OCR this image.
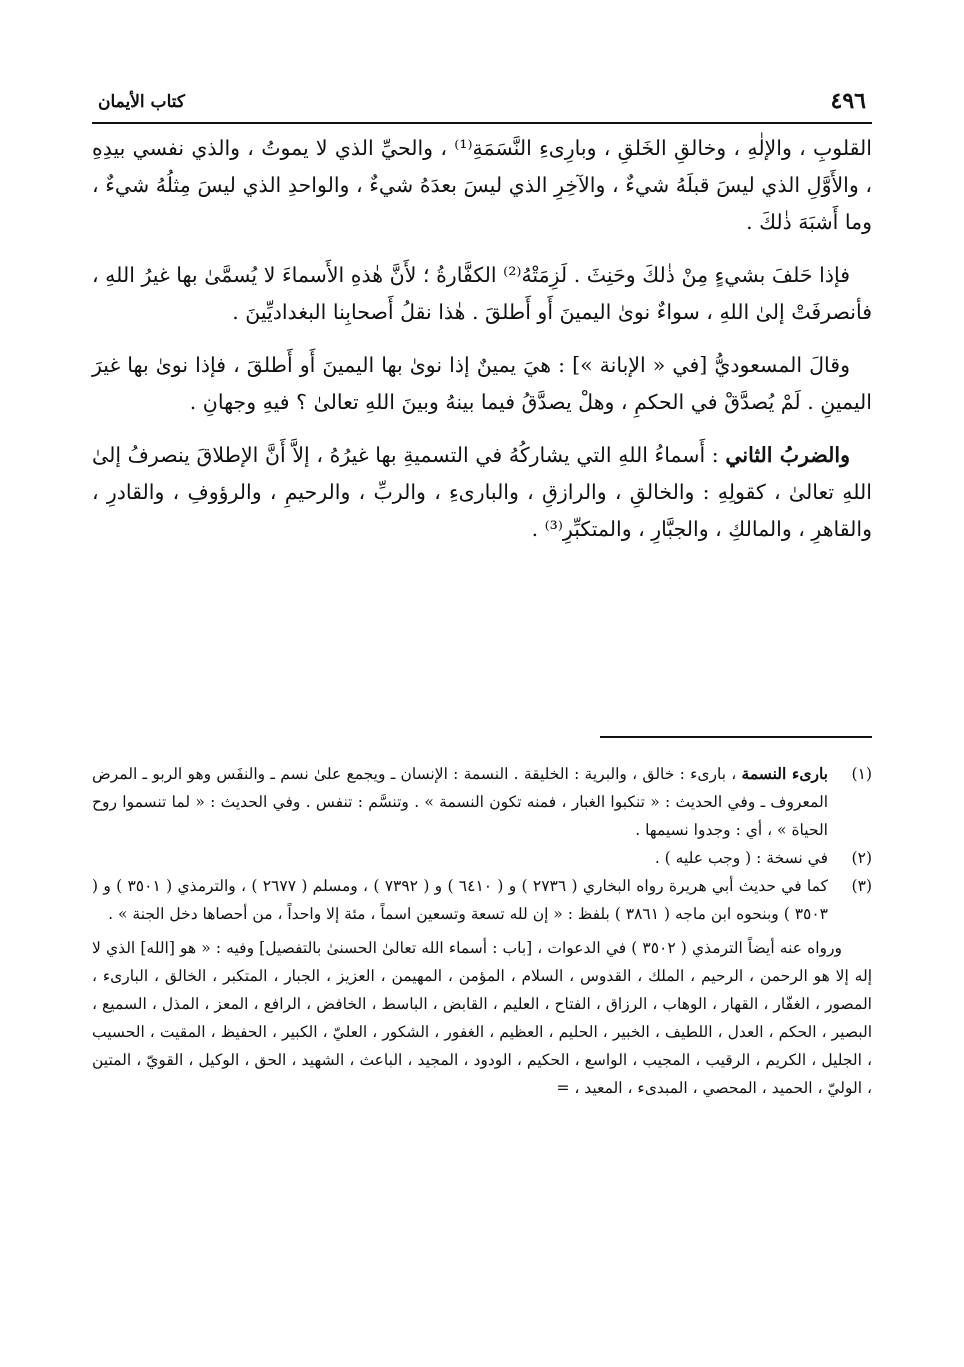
٤٩٦
كتاب الأيمان

القلوبِ ، والإلٰهِ ، وخالقِ الخَلقِ ، وبارِىءِ النَّسَمَةِ⁽¹⁾ ، والحيِّ الذي لا يموتُ ، والذي نفسي بيدِهِ ، والأَوَّلِ الذي ليسَ قبلَهُ شيءٌ ، والآخِرِ الذي ليسَ بعدَهُ شيءٌ ، والواحدِ الذي ليسَ مِثلُهُ شيءٌ ، وما أَشبَهَ ذٰلكَ .

فإذا حَلفَ بشيءٍ مِنْ ذٰلكَ وحَنِثَ . لَزِمَتْهُ⁽²⁾ الكفَّارةُ ؛ لأَنَّ هٰذهِ الأَسماءَ لا يُسمَّىٰ بها غيرُ اللهِ ، فأنصرفَتْ إلىٰ اللهِ ، سواءٌ نوىٰ اليمينَ أَو أَطلقَ . هٰذا نقلُ أَصحابِنا البغداديِّينَ .

وقالَ المسعوديُّ [في « الإبانة »] : هيَ يمينٌ إذا نوىٰ بها اليمينَ أَو أَطلقَ ، فإذا نوىٰ بها غيرَ اليمينِ . لَمْ يُصدَّقْ في الحكمِ ، وهلْ يصدَّقُ فيما بينهُ وبينَ اللهِ تعالىٰ ؟ فيهِ وجهانِ .

والضربُ الثاني : أَسماءُ اللهِ التي يشاركُهُ في التسميةِ بها غيرُهُ ، إلاَّ أَنَّ الإطلاقَ ينصرفُ إلىٰ اللهِ تعالىٰ ، كقولِهِ : والخالقِ ، والرازقِ ، والبارىءِ ، والربِّ ، والرحيمِ ، والرؤوفِ ، والقادرِ ، والقاهرِ ، والمالكِ ، والجبَّارِ ، والمتكبِّرِ⁽³⁾ .

(١)
بارىء النسمة ، بارىء : خالق ، والبرية : الخليقة . النسمة : الإنسان ـ ويجمع علىٰ نسم ـ والنفَس وهو الربو ـ المرض المعروف ـ وفي الحديث : « تنكبوا الغبار ، فمنه تكون النسمة » . وتنسَّم : تنفس . وفي الحديث : « لما تنسموا روح الحياة » ، أي : وجدوا نسيمها .
(٢)
في نسخة : ( وجب عليه ) .
(٣)
كما في حديث أبي هريرة رواه البخاري ( ٢٧٣٦ ) و ( ٦٤١٠ ) و ( ٧٣٩٢ ) ، ومسلم ( ٢٦٧٧ ) ، والترمذي ( ٣٥٠١ ) و ( ٣٥٠٣ ) وبنحوه ابن ماجه ( ٣٨٦١ ) بلفظ : « إن لله تسعة وتسعين اسماً ، مئة إلا واحداً ، من أحصاها دخل الجنة » .
ورواه عنه أيضاً الترمذي ( ٣٥٠٢ ) في الدعوات ، [باب : أسماء الله تعالىٰ الحسنىٰ بالتفصيل] وفيه : « هو [الله] الذي لا إله إلا هو الرحمن ، الرحيم ، الملك ، القدوس ، السلام ، المؤمن ، المهيمن ، العزيز ، الجبار ، المتكبر ، الخالق ، البارىء ، المصور ، الغفّار ، القهار ، الوهاب ، الرزاق ، الفتاح ، العليم ، القابض ، الباسط ، الخافض ، الرافع ، المعز ، المذل ، السميع ، البصير ، الحكم ، العدل ، اللطيف ، الخبير ، الحليم ، العظيم ، الغفور ، الشكور ، العليّ ، الكبير ، الحفيظ ، المقيت ، الحسيب ، الجليل ، الكريم ، الرقيب ، المجيب ، الواسع ، الحكيم ، الودود ، المجيد ، الباعث ، الشهيد ، الحق ، الوكيل ، القويّ ، المتين ، الوليّ ، الحميد ، المحصي ، المبدىء ، المعيد ، =
